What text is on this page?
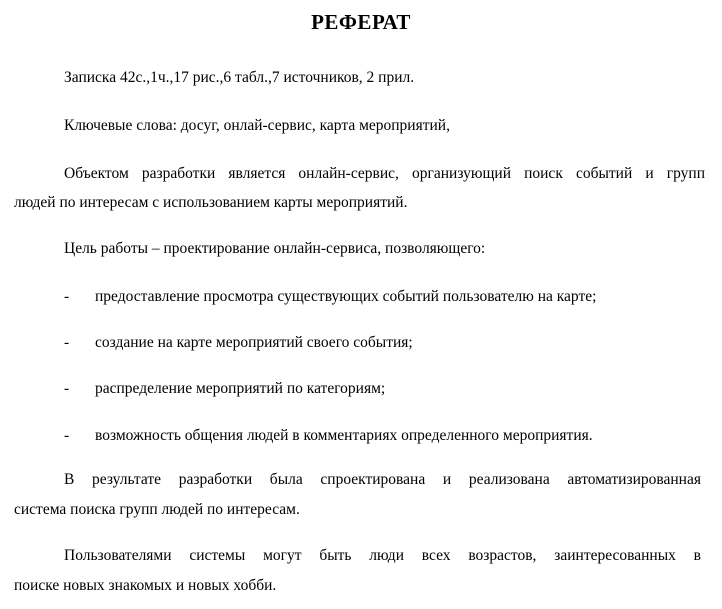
РЕФЕРАТ
Записка 42с.,1ч.,17 рис.,6 табл.,7 источников, 2 прил.
Ключевые слова: досуг, онлай-сервис, карта мероприятий,
Объектом разработки является онлайн-сервис, организующий поиск событий и групп
людей по интересам с использованием карты мероприятий.
Цель работы – проектирование онлайн-сервиса, позволяющего:
- предоставление просмотра существующих событий пользователю на карте;
- создание на карте мероприятий своего события;
- распределение мероприятий по категориям;
- возможность общения людей в комментариях определенного мероприятия.
В результате разработки была спроектирована и реализована автоматизированная
система поиска групп людей по интересам.
Пользователями системы могут быть люди всех возрастов, заинтересованных в
поиске новых знакомых и новых хобби.
